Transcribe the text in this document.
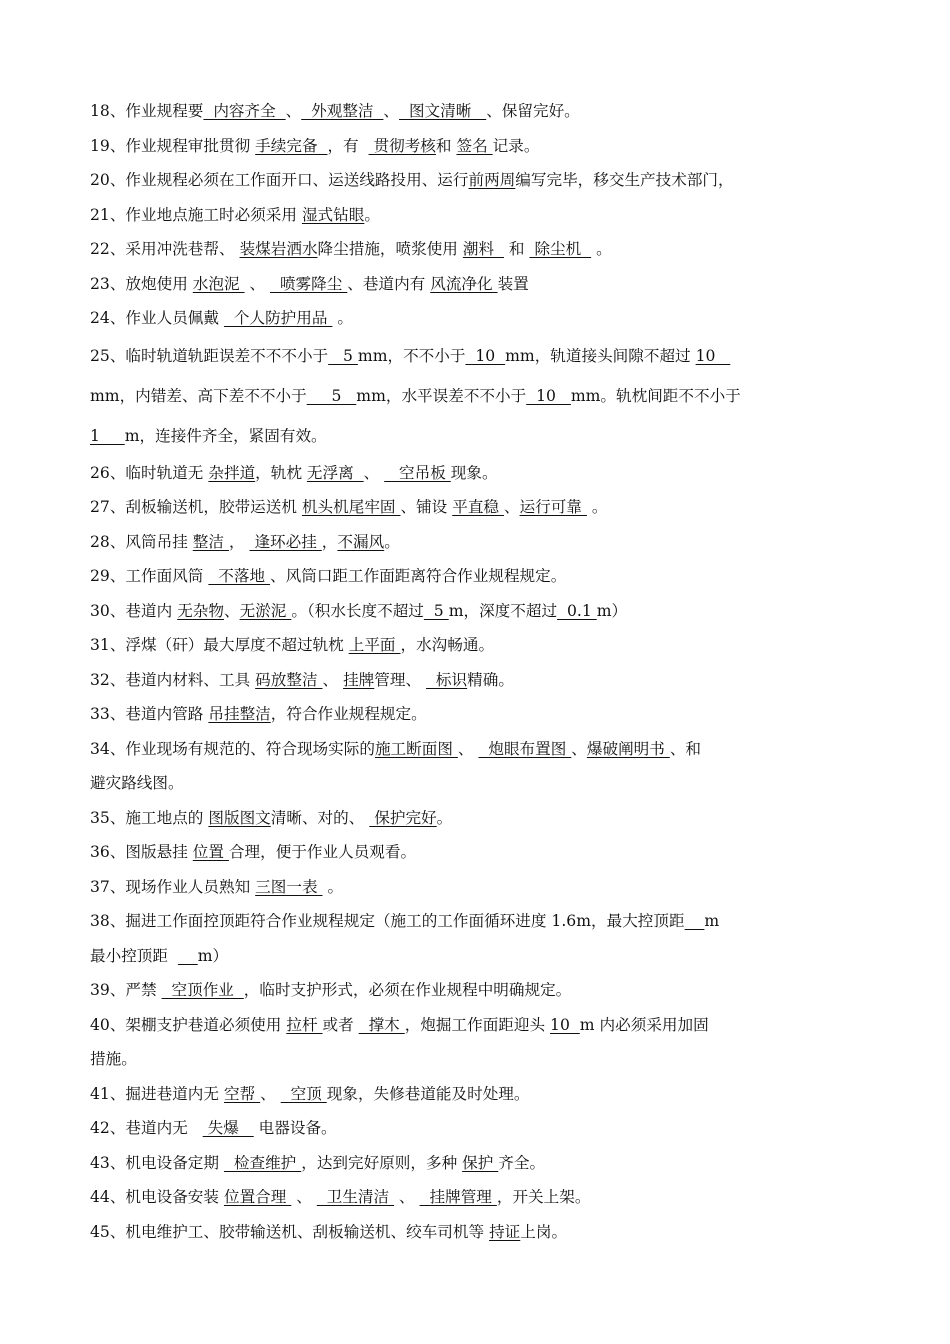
18、作业规程要  内容齐全  、  外观整洁  、  图文清晰   、保留完好。
19、作业规程审批贯彻 手续完备  ，有   贯彻考核和 签名 记录。
20、作业规程必须在工作面开口、运送线路投用、运行前两周编写完毕，移交生产技术部门，
21、作业地点施工时必须采用 湿式钻眼。
22、采用冲洗巷帮、 装煤岩洒水降尘措施，喷浆使用 潮料   和  除尘机   。
23、放炮使用 水泡泥  、   喷雾降尘 、巷道内有 风流净化 装置
24、作业人员佩戴   个人防护用品  。
25、临时轨道轨距误差不不不小于   5 mm，不不小于  10  mm，轨道接头间隙不超过 10
mm，内错差、高下差不不小于     5   mm，水平误差不不小于  10   mm。轨枕间距不不小于
1     m，连接件齐全，紧固有效。
26、临时轨道无 杂拌道，轨枕 无浮离  、    空吊板 现象。
27、刮板输送机，胶带运送机 机头机尾牢固 、铺设 平直稳 、运行可靠  。
28、风筒吊挂 整洁 ，  逢环必挂 ，不漏风。
29、工作面风筒   不落地 、风筒口距工作面距离符合作业规程规定。
30、巷道内 无杂物、无淤泥 。（积水长度不超过  5 m，深度不超过  0.1 m）
31、浮煤（矸）最大厚度不超过轨枕 上平面 ，水沟畅通。
32、巷道内材料、工具 码放整洁 、 挂牌管理、   标识精确。
33、巷道内管路 吊挂整洁，符合作业规程规定。
34、作业现场有规范的、符合现场实际的施工断面图 、   炮眼布置图 、爆破阐明书 、和
避灾路线图。
35、施工地点的 图版图文清晰、对的、  保护完好。
36、图版悬挂 位置 合理，便于作业人员观看。
37、现场作业人员熟知 三图一表  。
38、掘进工作面控顶距符合作业规程规定（施工的工作面循环进度 1.6m，最大控顶距 m
最小控顶距      m）
39、严禁   空顶作业  ，临时支护形式，必须在作业规程中明确规定。
40、架棚支护巷道必须使用 拉杆 或者   撑木 ，炮掘工作面距迎头 10  m 内必须采用加固
措施。
41、掘进巷道内无 空帮 、   空顶 现象，失修巷道能及时处理。
42、巷道内无    失爆    电器设备。
43、机电设备定期   检查维护 ，达到完好原则，多种 保护 齐全。
44、机电设备安装 位置合理  、   卫生清洁  、   挂牌管理 ，开关上架。
45、机电维护工、胶带输送机、刮板输送机、绞车司机等 持证上岗。
